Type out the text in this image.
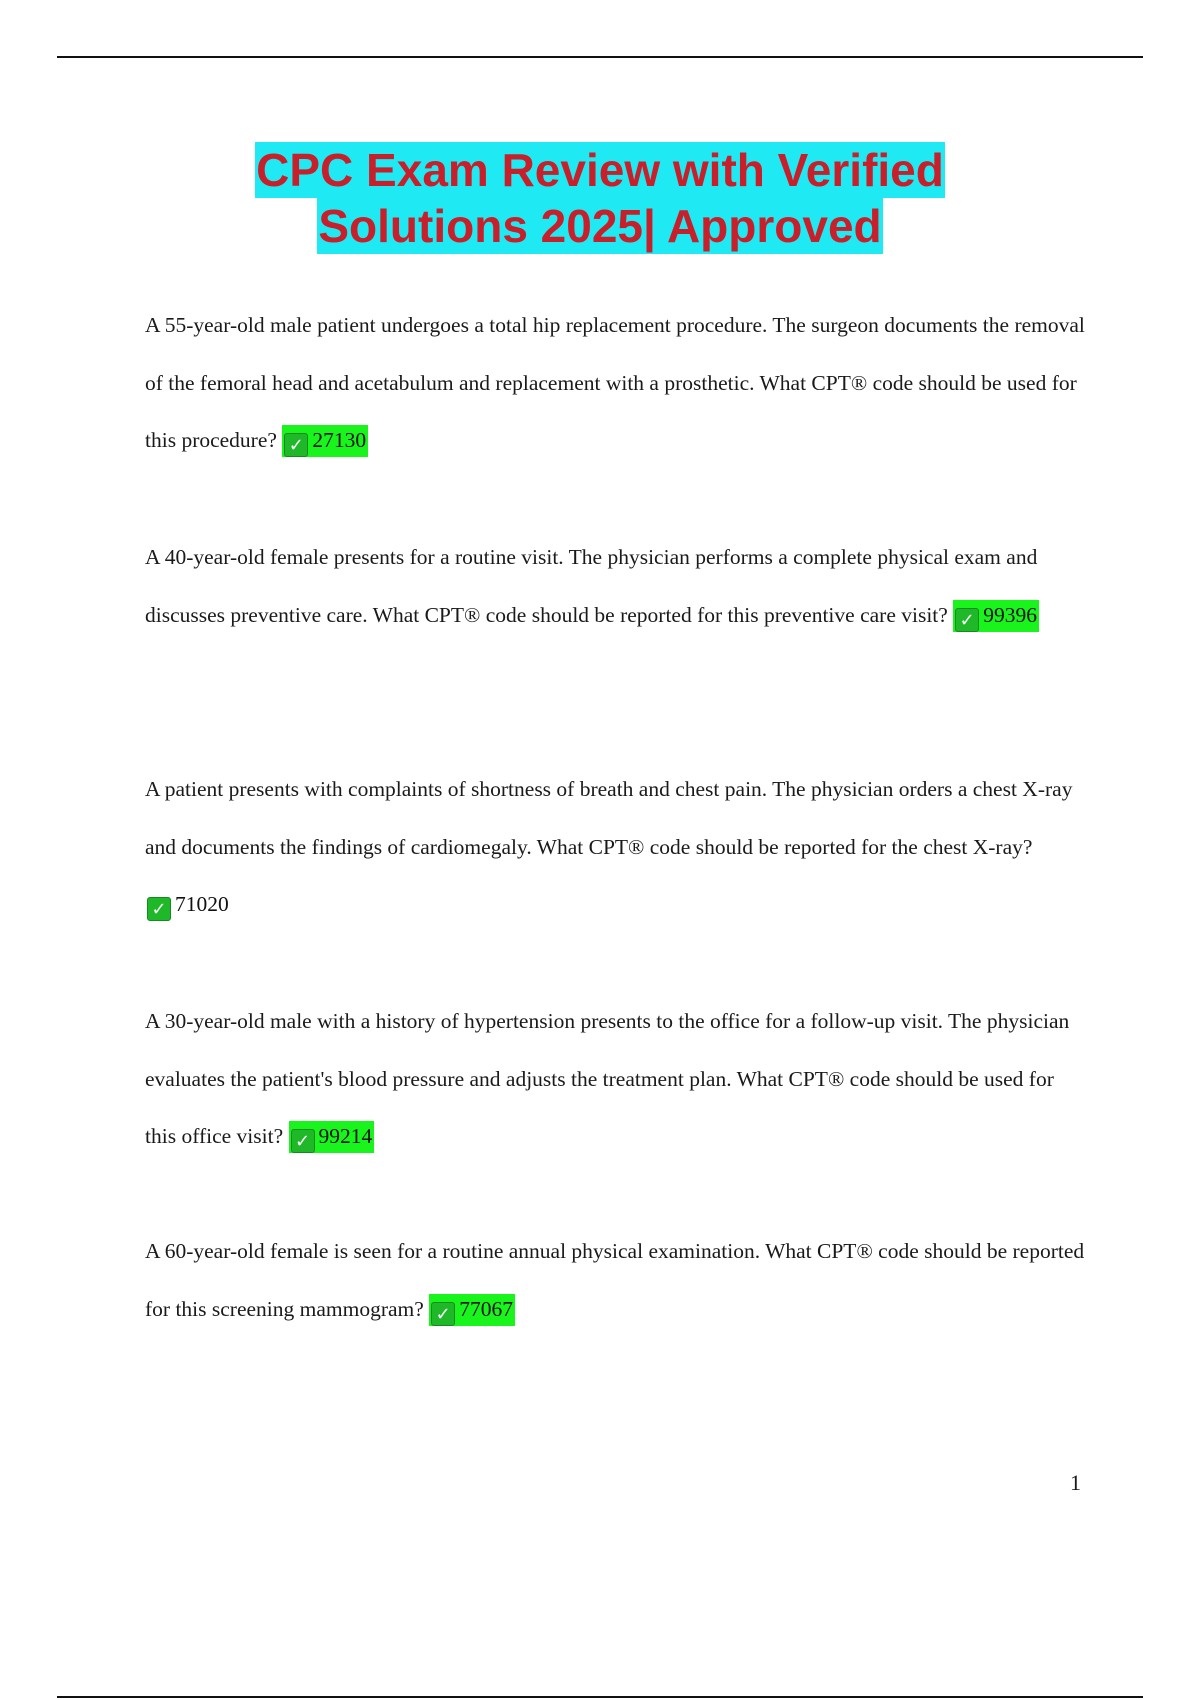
CPC Exam Review with Verified
Solutions 2025| Approved
A 55-year-old male patient undergoes a total hip replacement procedure. The surgeon documents the removal of the femoral head and acetabulum and replacement with a prosthetic. What CPT® code should be used for this procedure? ✓ 27130
A 40-year-old female presents for a routine visit. The physician performs a complete physical exam and discusses preventive care. What CPT® code should be reported for this preventive care visit? ✓ 99396
A patient presents with complaints of shortness of breath and chest pain. The physician orders a chest X-ray and documents the findings of cardiomegaly. What CPT® code should be reported for the chest X-ray? ✓ 71020
A 30-year-old male with a history of hypertension presents to the office for a follow-up visit. The physician evaluates the patient's blood pressure and adjusts the treatment plan. What CPT® code should be used for this office visit? ✓ 99214
A 60-year-old female is seen for a routine annual physical examination. What CPT® code should be reported for this screening mammogram? ✓ 77067
1
